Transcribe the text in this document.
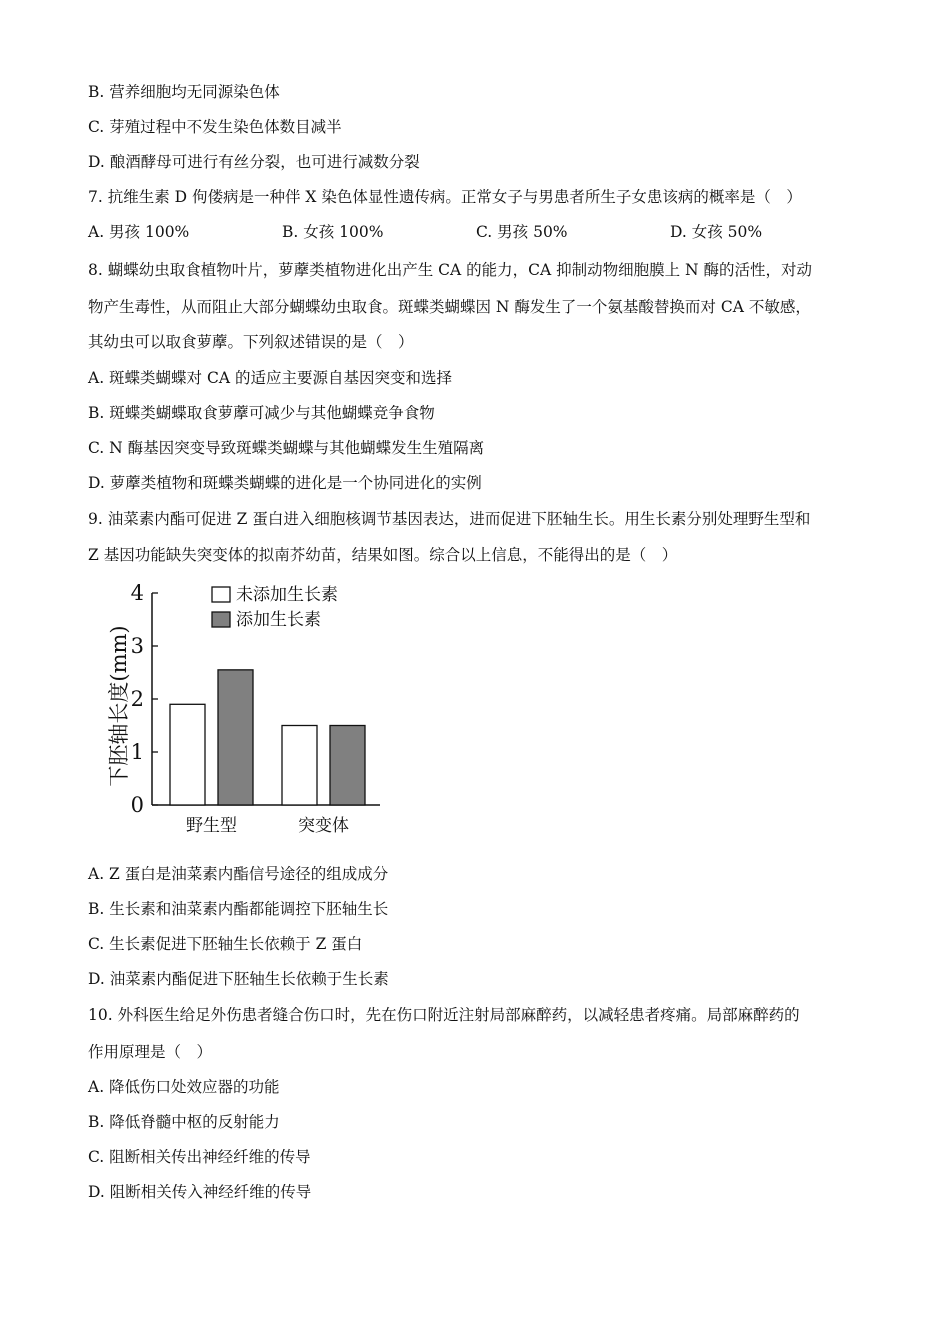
B. 营养细胞均无同源染色体
C. 芽殖过程中不发生染色体数目减半
D. 酿酒酵母可进行有丝分裂，也可进行减数分裂
7. 抗维生素 D 佝偻病是一种伴 X 染色体显性遗传病。正常女子与男患者所生子女患该病的概率是（　）
A. 男孩 100%	B. 女孩 100%	C. 男孩 50%	D. 女孩 50%
8. 蝴蝶幼虫取食植物叶片，萝藦类植物进化出产生 CA 的能力，CA 抑制动物细胞膜上 N 酶的活性，对动
物产生毒性，从而阻止大部分蝴蝶幼虫取食。斑蝶类蝴蝶因 N 酶发生了一个氨基酸替换而对 CA 不敏感，
其幼虫可以取食萝藦。下列叙述错误的是（　）
A. 斑蝶类蝴蝶对 CA 的适应主要源自基因突变和选择
B. 斑蝶类蝴蝶取食萝藦可减少与其他蝴蝶竞争食物
C. N 酶基因突变导致斑蝶类蝴蝶与其他蝴蝶发生生殖隔离
D. 萝藦类植物和斑蝶类蝴蝶的进化是一个协同进化的实例
9. 油菜素内酯可促进 Z 蛋白进入细胞核调节基因表达，进而促进下胚轴生长。用生长素分别处理野生型和
Z 基因功能缺失突变体的拟南芥幼苗，结果如图。综合以上信息，不能得出的是（　）
下胚轴长度(mm)
0
1
2
3
4
野生型	突变体
未添加生长素
添加生长素
A. Z 蛋白是油菜素内酯信号途径的组成成分
B. 生长素和油菜素内酯都能调控下胚轴生长
C. 生长素促进下胚轴生长依赖于 Z 蛋白
D. 油菜素内酯促进下胚轴生长依赖于生长素
10. 外科医生给足外伤患者缝合伤口时，先在伤口附近注射局部麻醉药，以减轻患者疼痛。局部麻醉药的
作用原理是（　）
A. 降低伤口处效应器的功能
B. 降低脊髓中枢的反射能力
C. 阻断相关传出神经纤维的传导
D. 阻断相关传入神经纤维的传导
